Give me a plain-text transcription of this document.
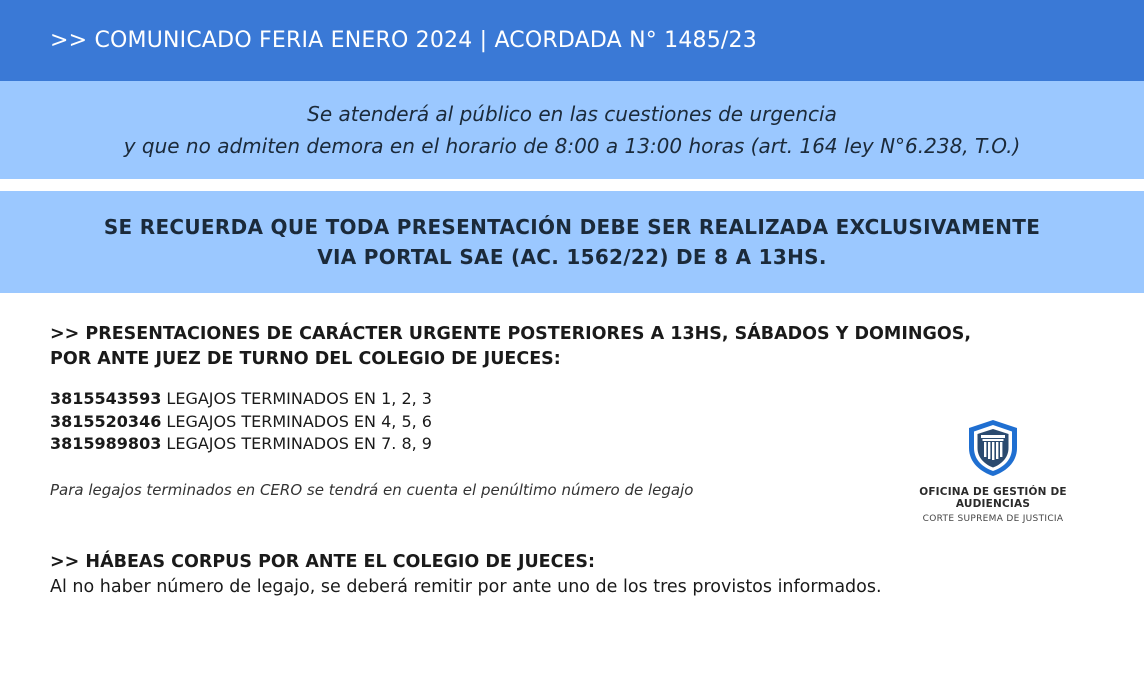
>> COMUNICADO FERIA ENERO 2024 | ACORDADA N° 1485/23
Se atenderá al público en las cuestiones de urgencia
y que no admiten demora en el horario de 8:00 a 13:00 horas (art. 164 ley N°6.238, T.O.)
SE RECUERDA QUE TODA PRESENTACIÓN DEBE SER REALIZADA EXCLUSIVAMENTE
VIA PORTAL SAE (AC. 1562/22) DE 8 A 13HS.
>> PRESENTACIONES DE CARÁCTER URGENTE POSTERIORES A 13HS, SÁBADOS Y DOMINGOS,
POR ANTE JUEZ DE TURNO DEL COLEGIO DE JUECES:
3815543593 LEGAJOS TERMINADOS EN 1, 2, 3
3815520346 LEGAJOS TERMINADOS EN 4, 5, 6
3815989803 LEGAJOS TERMINADOS EN 7. 8, 9
Para legajos terminados en CERO se tendrá en cuenta el penúltimo número de legajo
>> HÁBEAS CORPUS POR ANTE EL COLEGIO DE JUECES:
Al no haber número de legajo, se deberá remitir por ante uno de los tres provistos informados.
OFICINA DE GESTIÓN DE AUDIENCIAS
CORTE SUPREMA DE JUSTICIA
